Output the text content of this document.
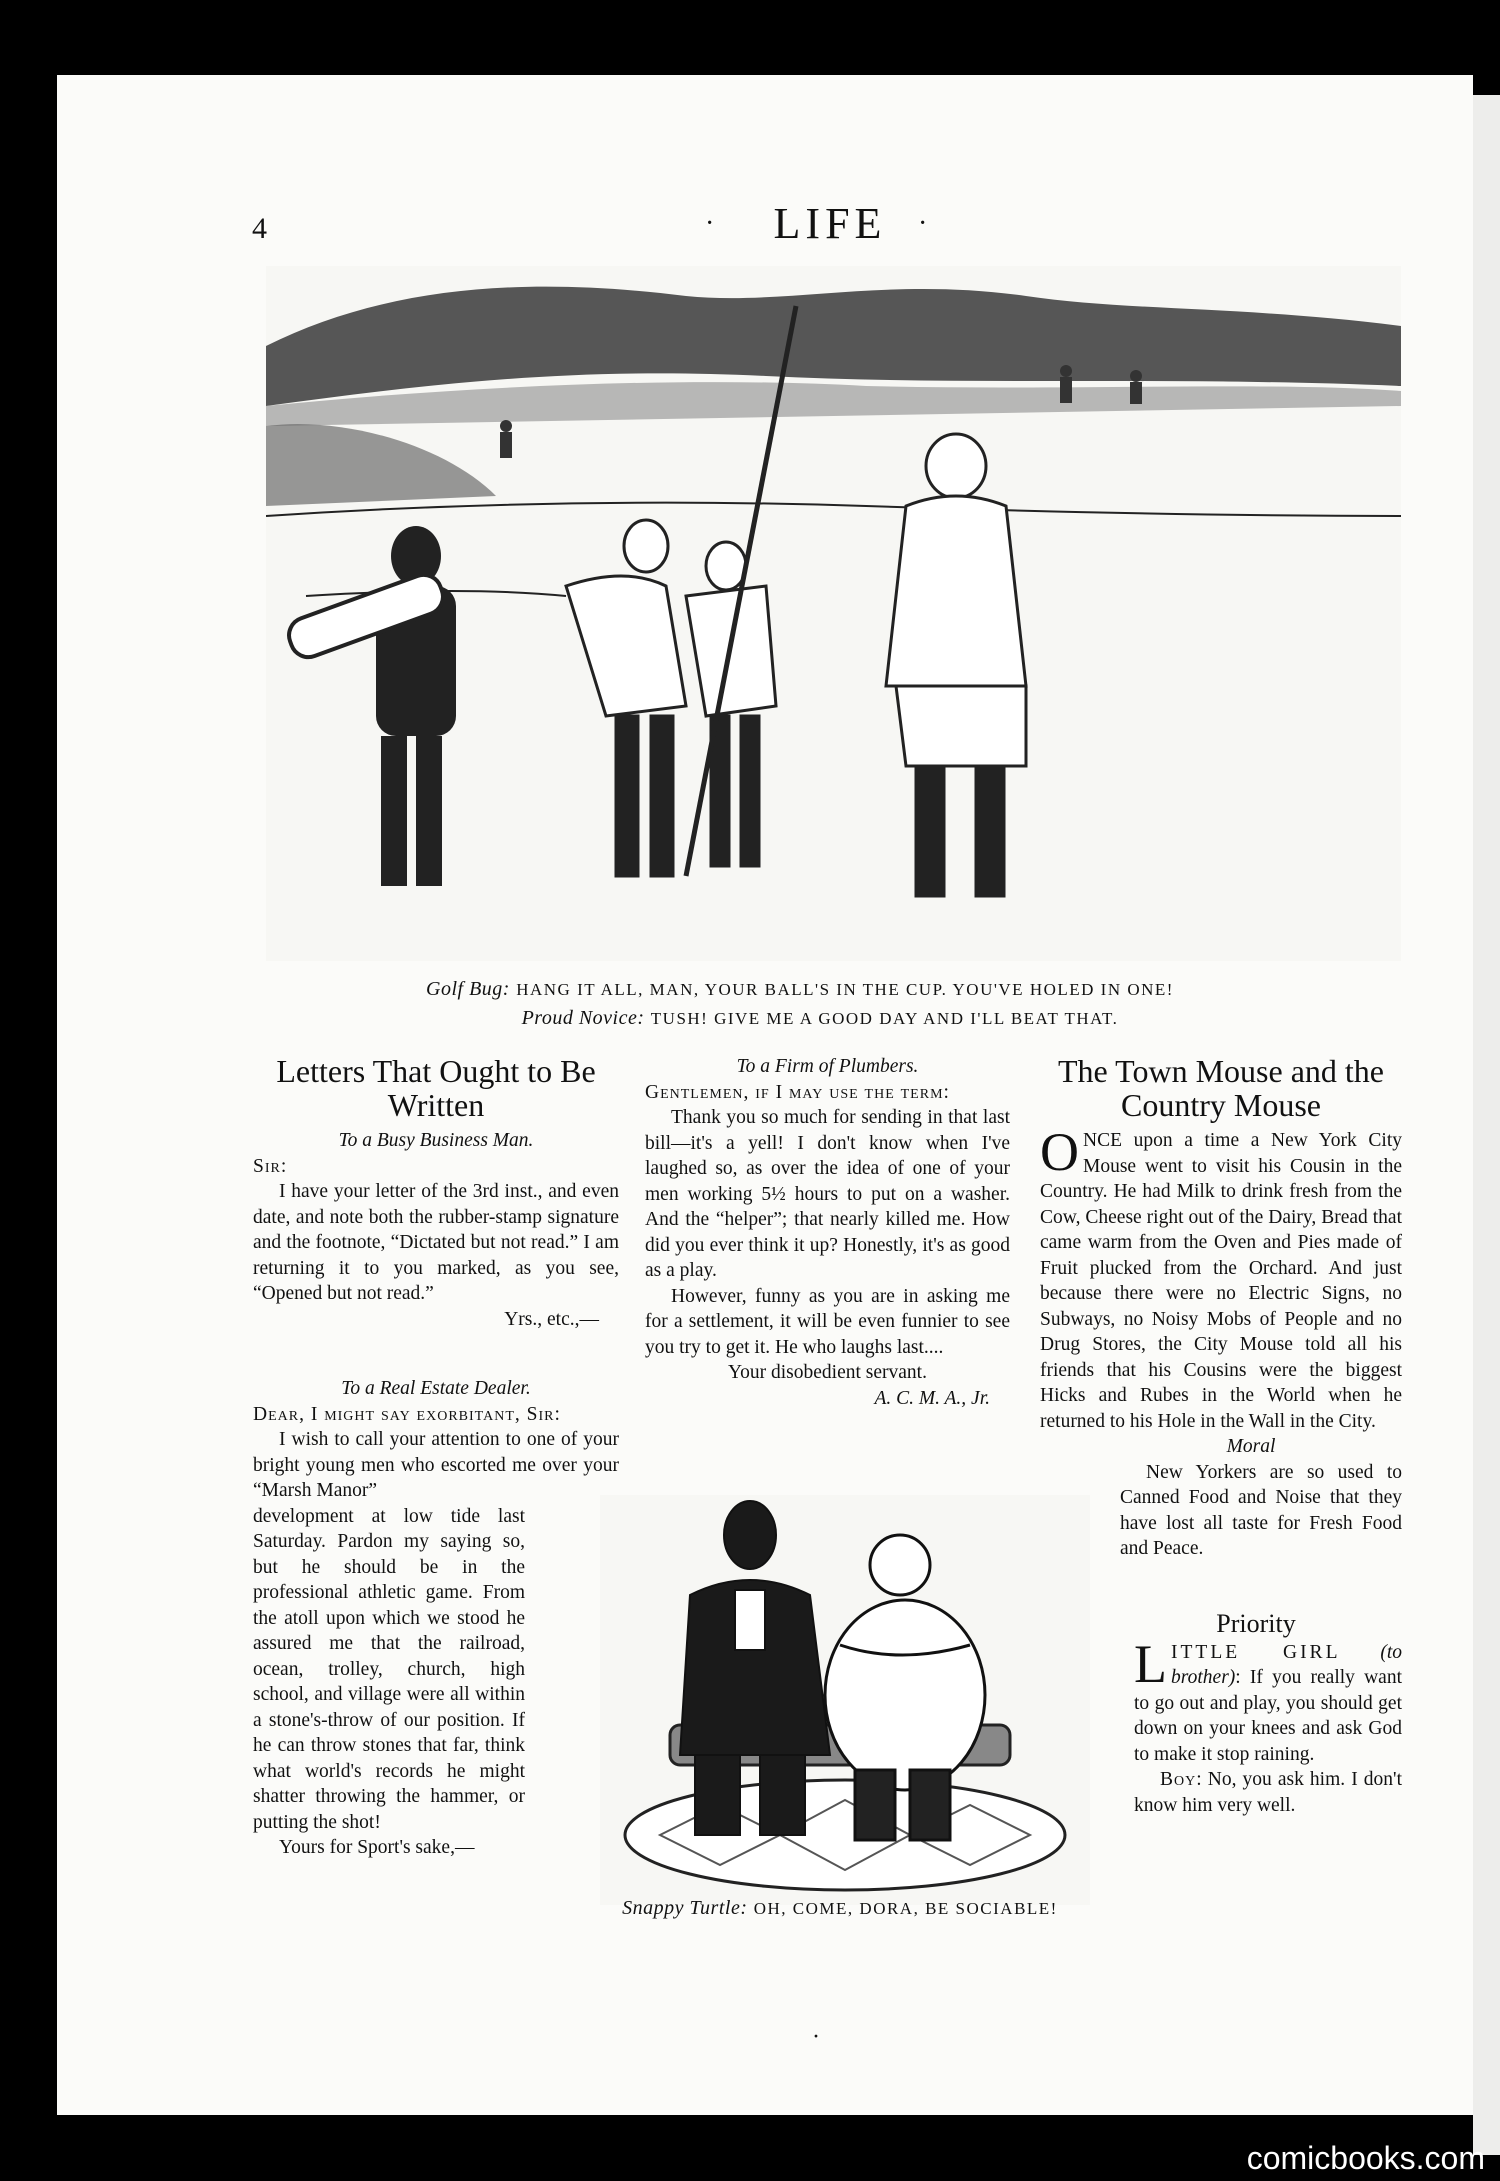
4	·	LIFE	·
Golf Bug: HANG IT ALL, MAN, YOUR BALL'S IN THE CUP. YOU'VE HOLED IN ONE!
Proud Novice: TUSH! GIVE ME A GOOD DAY AND I'LL BEAT THAT.
Letters That Ought to Be Written

To a Busy Business Man.

Sir:

I have your letter of the 3rd inst., and even date, and note both the rubber-stamp signature and the footnote, “Dictated but not read.” I am returning it to you marked, as you see, “Opened but not read.”

Yrs., etc.,—

To a Real Estate Dealer.

Dear, I might say exorbitant, Sir:

I wish to call your attention to one of your bright young men who escorted me over your “Marsh Manor”

development at low tide last Saturday. Pardon my saying so, but he should be in the professional athletic game. From the atoll upon which we stood he assured me that the railroad, ocean, trolley, church, high school, and village were all within a stone's-throw of our position. If he can throw stones that far, think what world's records he might shatter throwing the hammer, or putting the shot!

Yours for Sport's sake,—

To a Firm of Plumbers.

Gentlemen, if I may use the term:

Thank you so much for sending in that last bill—it's a yell! I don't know when I've laughed so, as over the idea of one of your men working 5½ hours to put on a washer. And the “helper”; that nearly killed me. How did you ever think it up? Honestly, it's as good as a play.

However, funny as you are in asking me for a settlement, it will be even funnier to see you try to get it. He who laughs last....

Your disobedient servant.

A. C. M. A., Jr.

Snappy Turtle: OH, COME, DORA, BE SOCIABLE!
The Town Mouse and the Country Mouse

ONCE upon a time a New York City Mouse went to visit his Cousin in the Country. He had Milk to drink fresh from the Cow, Cheese right out of the Dairy, Bread that came warm from the Oven and Pies made of Fruit plucked from the Orchard. And just because there were no Electric Signs, no Subways, no Noisy Mobs of People and no Drug Stores, the City Mouse told all his friends that his Cousins were the biggest Hicks and Rubes in the World when he returned to his Hole in the Wall in the City.

Moral

New Yorkers are so used to Canned Food and Noise that they have lost all taste for Fresh Food and Peace.

Priority

LITTLE GIRL (to brother): If you really want to go out and play, you should get down on your knees and ask God to make it stop raining.

Boy: No, you ask him. I don't know him very well.

·
comicbooks.com
